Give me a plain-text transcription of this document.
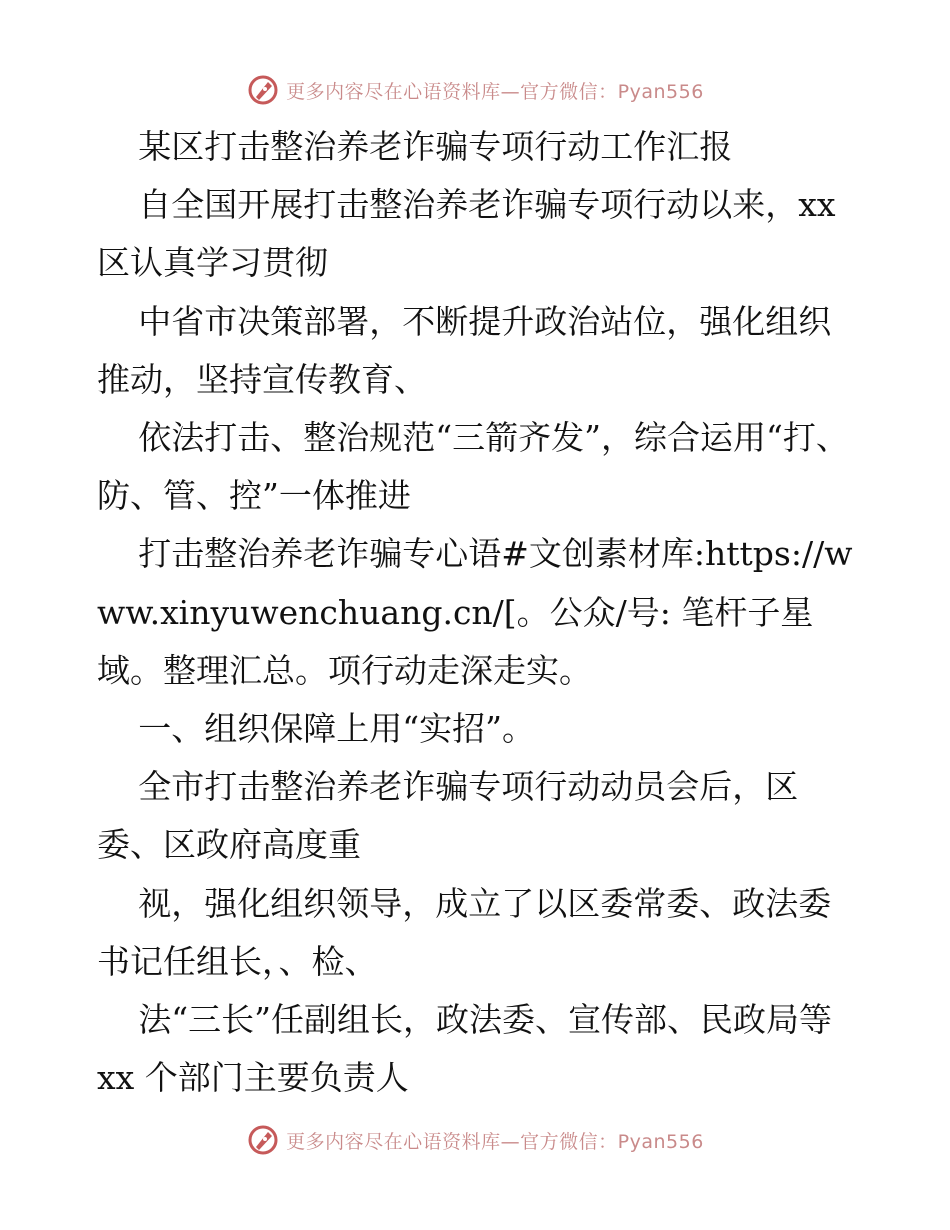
更多内容尽在心语资料库—官方微信：Pyan556

某区打击整治养老诈骗专项行动工作汇报

自全国开展打击整治养老诈骗专项行动以来，xx区认真学习贯彻

中省市决策部署，不断提升政治站位，强化组织推动，坚持宣传教育、

依法打击、整治规范“三箭齐发”，综合运用“打、防、管、控”一体推进

打击整治养老诈骗专心语#文创素材库:https://www.xinyuwenchuang.cn/[。公众/号: 笔杆子星域。整理汇总。项行动走深走实。

一、组织保障上用“实招”。

全市打击整治养老诈骗专项行动动员会后，区委、区政府高度重

视，强化组织领导，成立了以区委常委、政法委书记任组长，、检、

法“三长”任副组长，政法委、宣传部、民政局等 xx 个部门主要负责人

更多内容尽在心语资料库—官方微信：Pyan556
